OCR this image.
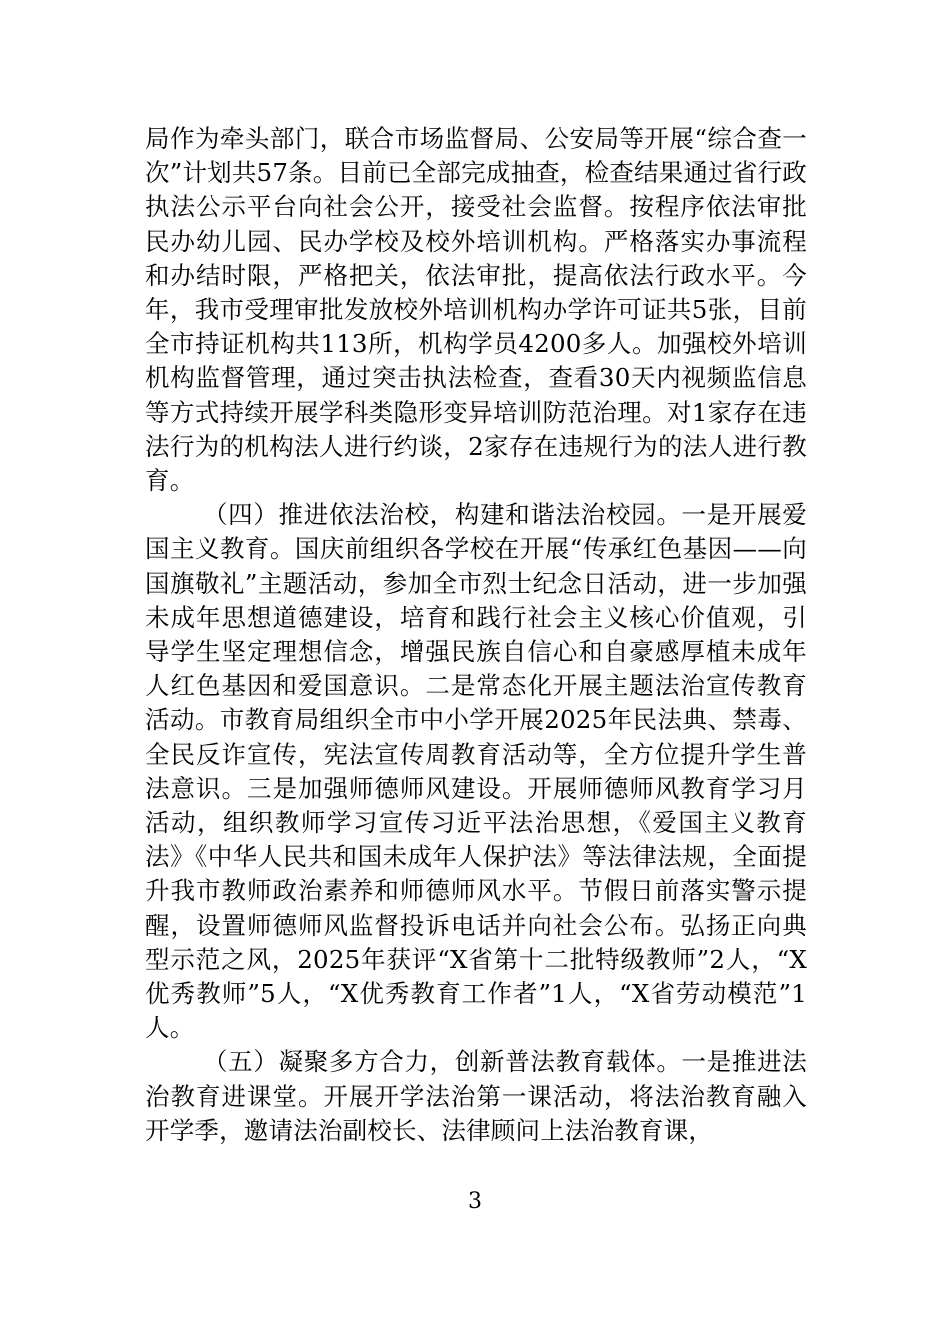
局作为牵头部门，联合市场监督局、公安局等开展“综合查一次”计划共57条。目前已全部完成抽查，检查结果通过省行政执法公示平台向社会公开，接受社会监督。按程序依法审批民办幼儿园、民办学校及校外培训机构。严格落实办事流程和办结时限，严格把关，依法审批，提高依法行政水平。今年，我市受理审批发放校外培训机构办学许可证共5张，目前全市持证机构共113所，机构学员4200多人。加强校外培训机构监督管理，通过突击执法检查，查看30天内视频监信息等方式持续开展学科类隐形变异培训防范治理。对1家存在违法行为的机构法人进行约谈，2家存在违规行为的法人进行教育。

（四）推进依法治校，构建和谐法治校园。一是开展爱国主义教育。国庆前组织各学校在开展“传承红色基因——向国旗敬礼”主题活动，参加全市烈士纪念日活动，进一步加强未成年思想道德建设，培育和践行社会主义核心价值观，引导学生坚定理想信念，增强民族自信心和自豪感厚植未成年人红色基因和爱国意识。二是常态化开展主题法治宣传教育活动。市教育局组织全市中小学开展2025年民法典、禁毒、全民反诈宣传，宪法宣传周教育活动等，全方位提升学生普法意识。三是加强师德师风建设。开展师德师风教育学习月活动，组织教师学习宣传习近平法治思想，《爱国主义教育法》《中华人民共和国未成年人保护法》等法律法规，全面提升我市教师政治素养和师德师风水平。节假日前落实警示提醒，设置师德师风监督投诉电话并向社会公布。弘扬正向典型示范之风，2025年获评“X省第十二批特级教师”2人，“X优秀教师”5人，“X优秀教育工作者”1人，“X省劳动模范”1人。

（五）凝聚多方合力，创新普法教育载体。一是推进法治教育进课堂。开展开学法治第一课活动，将法治教育融入开学季，邀请法治副校长、法律顾问上法治教育课，

3
